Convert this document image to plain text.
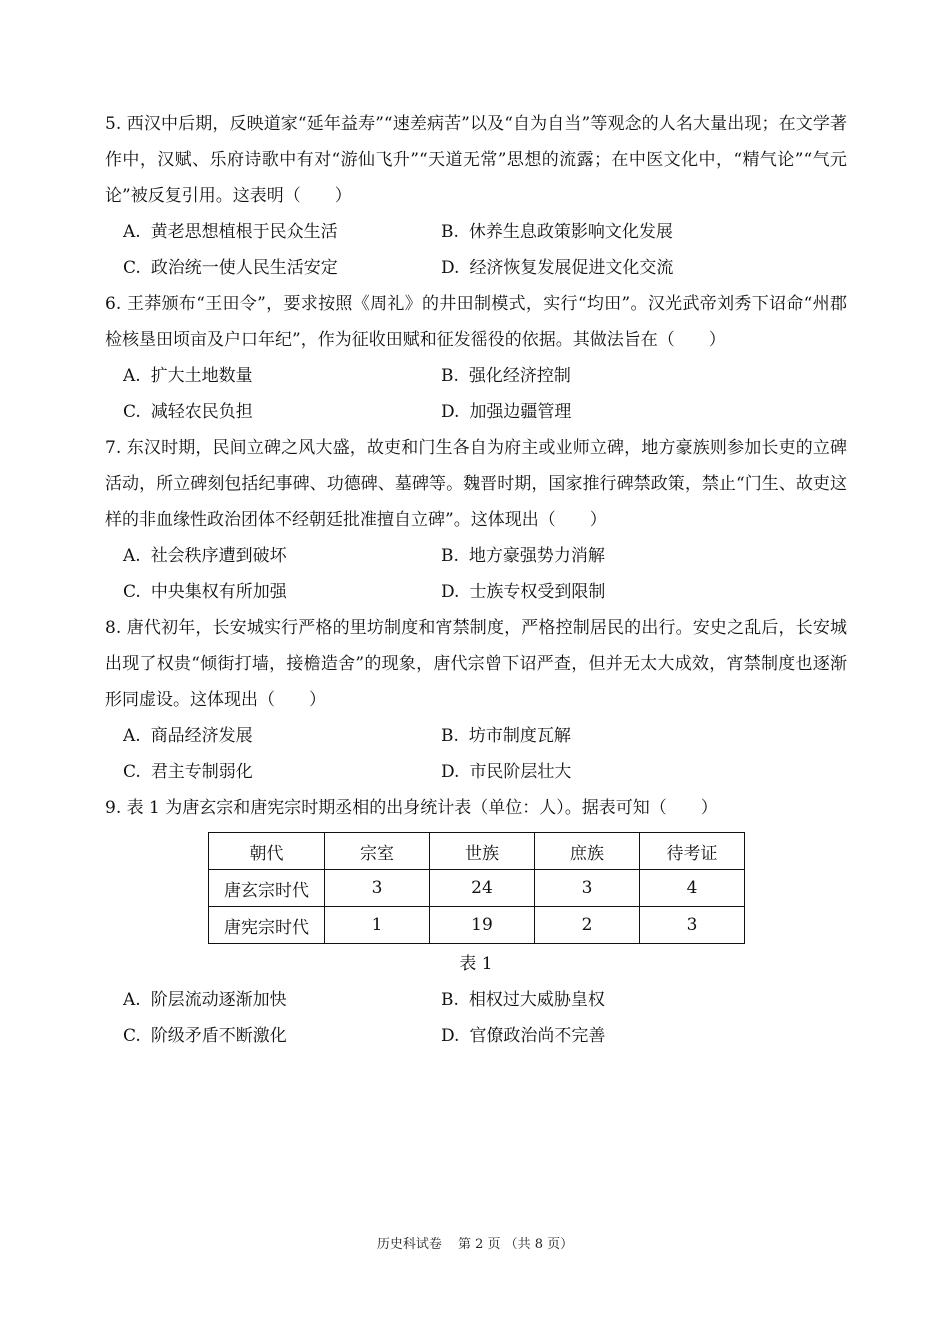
5. 西汉中后期，反映道家“延年益寿”“速差病苦”以及“自为自当”等观念的人名大量出现；在文学著作中，汉赋、乐府诗歌中有对“游仙飞升”“天道无常”思想的流露；在中医文化中，“精气论”“气元论”被反复引用。这表明（　　）

A. 黄老思想植根于民众生活	B. 休养生息政策影响文化发展
C. 政治统一使人民生活安定	D. 经济恢复发展促进文化交流

6. 王莽颁布“王田令”，要求按照《周礼》的井田制模式，实行“均田”。汉光武帝刘秀下诏命“州郡检核垦田顷亩及户口年纪”，作为征收田赋和征发徭役的依据。其做法旨在（　　）

A. 扩大土地数量	B. 强化经济控制
C. 减轻农民负担	D. 加强边疆管理

7. 东汉时期，民间立碑之风大盛，故吏和门生各自为府主或业师立碑，地方豪族则参加长吏的立碑活动，所立碑刻包括纪事碑、功德碑、墓碑等。魏晋时期，国家推行碑禁政策，禁止“门生、故吏这样的非血缘性政治团体不经朝廷批准擅自立碑”。这体现出（　　）

A. 社会秩序遭到破坏	B. 地方豪强势力消解
C. 中央集权有所加强	D. 士族专权受到限制

8. 唐代初年，长安城实行严格的里坊制度和宵禁制度，严格控制居民的出行。安史之乱后，长安城出现了权贵“倾街打墙，接檐造舍”的现象，唐代宗曾下诏严查，但并无太大成效，宵禁制度也逐渐形同虚设。这体现出（　　）

A. 商品经济发展	B. 坊市制度瓦解
C. 君主专制弱化	D. 市民阶层壮大

9. 表 1 为唐玄宗和唐宪宗时期丞相的出身统计表（单位：人）。据表可知（　　）

朝代	宗室	世族	庶族	待考证
唐玄宗时代	3	24	3	4
唐宪宗时代	1	19	2	3
表 1
A. 阶层流动逐渐加快	B. 相权过大威胁皇权
C. 阶级矛盾不断激化	D. 官僚政治尚不完善
历史科试卷 第 2 页 （共 8 页）
